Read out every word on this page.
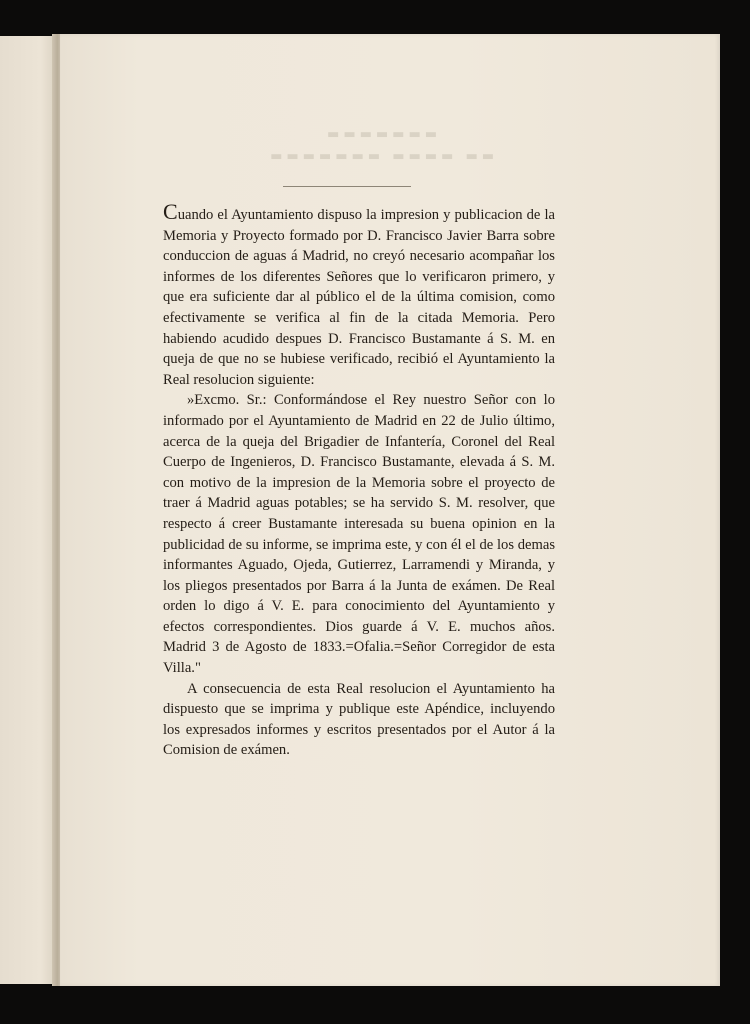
▬▬▬▬▬▬▬
▬▬ ▬▬▬▬ ▬▬▬▬▬▬▬

Cuando el Ayuntamiento dispuso la impresion y publicacion de la Memoria y Proyecto formado por D. Francisco Javier Barra sobre conduccion de aguas á Madrid, no creyó necesario acompañar los informes de los diferentes Señores que lo verificaron primero, y que era suficiente dar al público el de la última comision, como efectivamente se verifica al fin de la citada Memoria. Pero habiendo acudido despues D. Francisco Bustamante á S. M. en queja de que no se hubiese verificado, recibió el Ayuntamiento la Real resolucion siguiente:

»Excmo. Sr.: Conformándose el Rey nuestro Señor con lo informado por el Ayuntamiento de Madrid en 22 de Julio último, acerca de la queja del Brigadier de Infantería, Coronel del Real Cuerpo de Ingenieros, D. Francisco Bustamante, elevada á S. M. con motivo de la impresion de la Memoria sobre el proyecto de traer á Madrid aguas potables; se ha servido S. M. resolver, que respecto á creer Bustamante interesada su buena opinion en la publicidad de su informe, se imprima este, y con él el de los demas informantes Aguado, Ojeda, Gutierrez, Larramendi y Miranda, y los pliegos presentados por Barra á la Junta de exámen. De Real orden lo digo á V. E. para conocimiento del Ayuntamiento y efectos correspondientes. Dios guarde á V. E. muchos años. Madrid 3 de Agosto de 1833.=Ofalia.=Señor Corregidor de esta Villa."

A consecuencia de esta Real resolucion el Ayuntamiento ha dispuesto que se imprima y publique este Apéndice, incluyendo los expresados informes y escritos presentados por el Autor á la Comision de exámen.
